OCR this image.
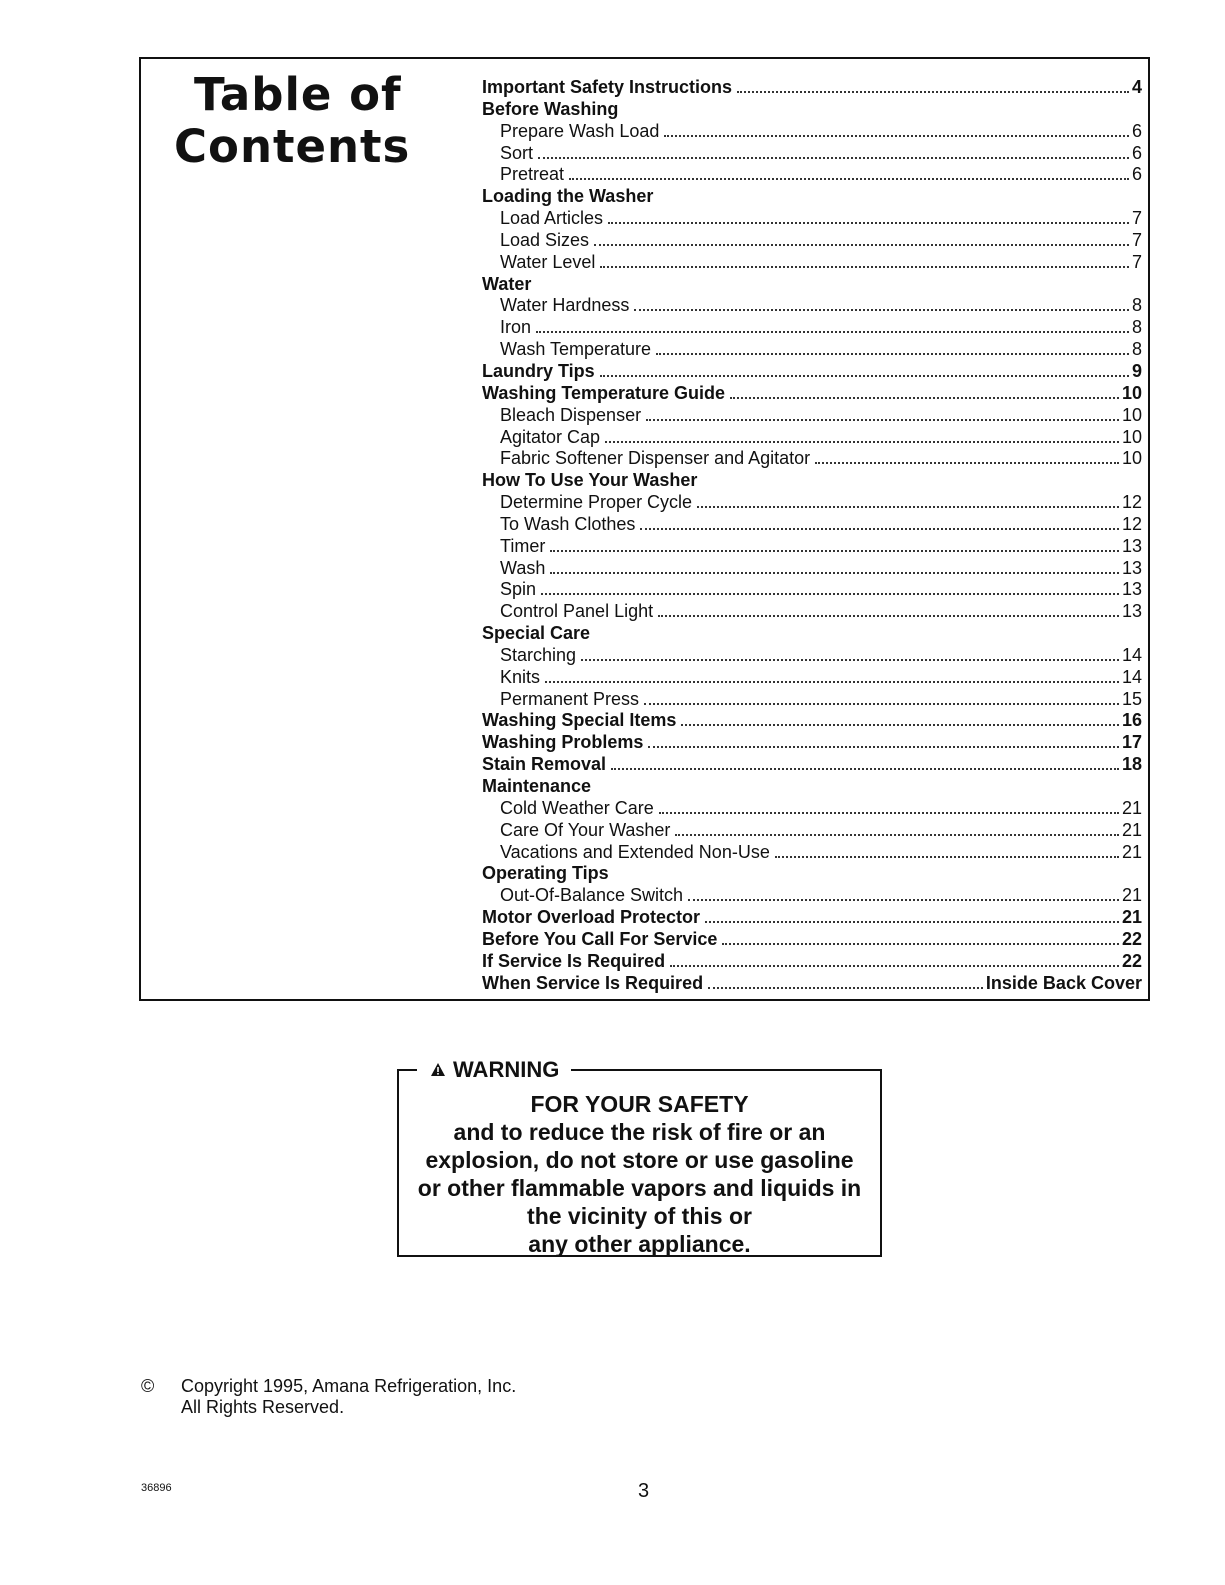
Table of
Contents
Important Safety Instructions	4
Before Washing
Prepare Wash Load	6
Sort	6
Pretreat	6
Loading the Washer
Load Articles	7
Load Sizes	7
Water Level	7
Water
Water Hardness	8
Iron	8
Wash Temperature	8
Laundry Tips	9
Washing Temperature Guide	10
Bleach Dispenser	10
Agitator Cap	10
Fabric Softener Dispenser and Agitator	10
How To Use Your Washer
Determine Proper Cycle	12
To Wash Clothes	12
Timer	13
Wash	13
Spin	13
Control Panel Light	13
Special Care
Starching	14
Knits	14
Permanent Press	15
Washing Special Items	16
Washing Problems	17
Stain Removal	18
Maintenance
Cold Weather Care	21
Care Of Your Washer	21
Vacations and Extended Non-Use	21
Operating Tips
Out-Of-Balance Switch	21
Motor Overload Protector	21
Before You Call For Service	22
If Service Is Required	22
When Service Is Required	Inside Back Cover
WARNING
FOR YOUR SAFETY
and to reduce the risk of fire or an
explosion, do not store or use gasoline
or other flammable vapors and liquids in
the vicinity of this or
any other appliance.
© Copyright 1995, Amana Refrigeration, Inc.
All Rights Reserved.
36896	3
